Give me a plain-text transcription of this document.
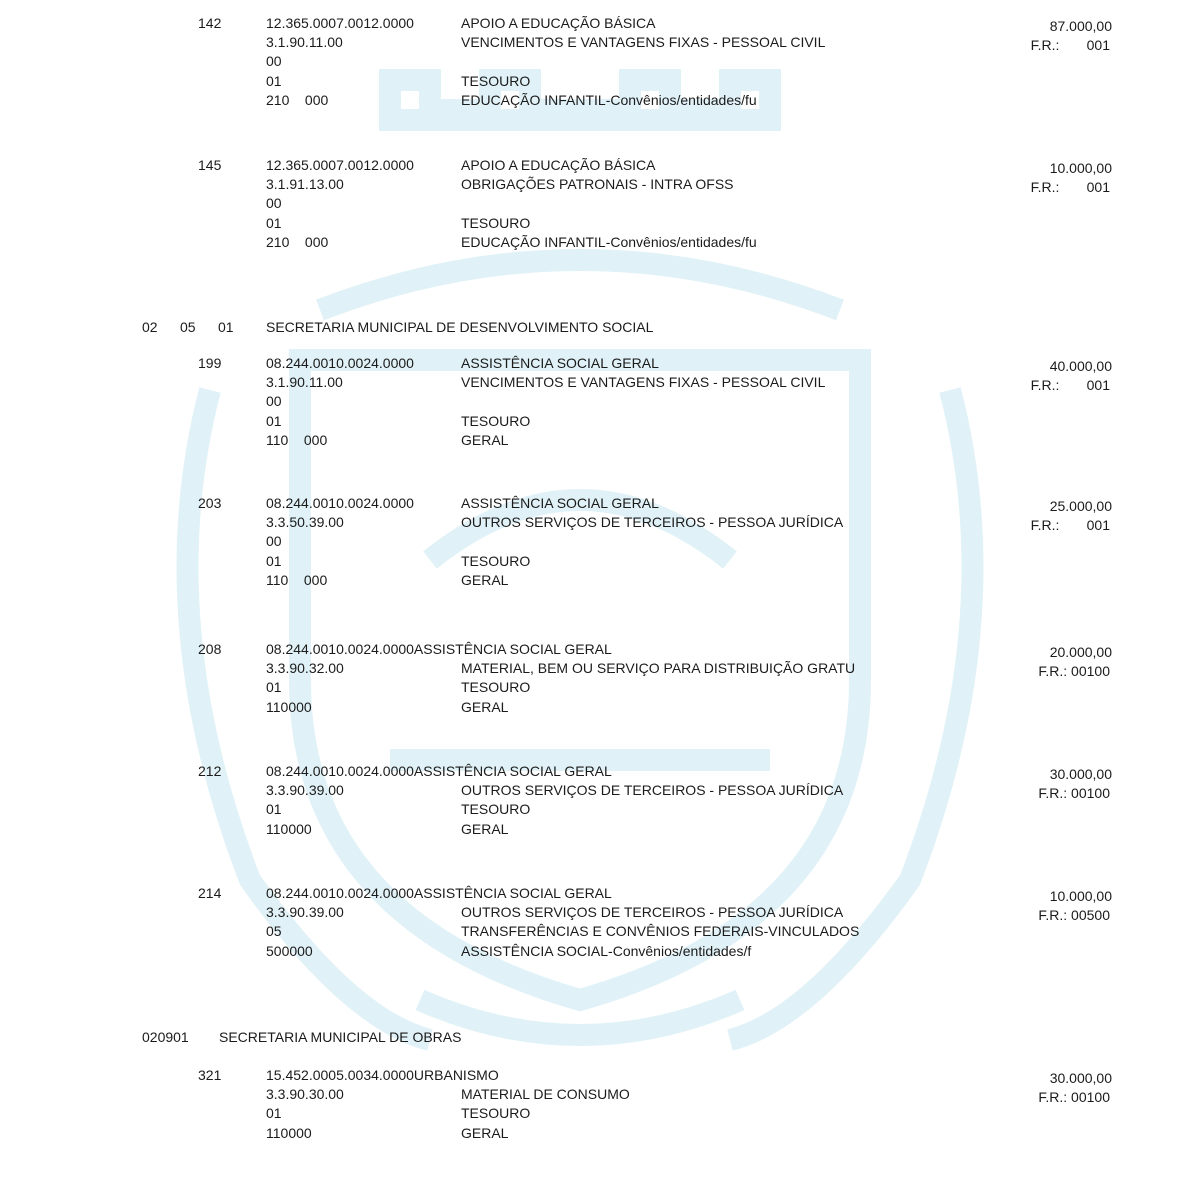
02 05 01 SECRETARIA MUNICIPAL DE DESENVOLVIMENTO SOCIAL
020901 SECRETARIA MUNICIPAL DE OBRAS
142	87.000,00
F.R.:       001
12.365.0007.0012.0000	APOIO A EDUCAÇÃO BÁSICA
3.1.90.11.00	VENCIMENTOS E VANTAGENS FIXAS - PESSOAL CIVIL
00
01	TESOURO
210    000	EDUCAÇÃO INFANTIL-Convênios/entidades/fu
145	10.000,00
F.R.:       001
12.365.0007.0012.0000	APOIO A EDUCAÇÃO BÁSICA
3.1.91.13.00	OBRIGAÇÕES PATRONAIS - INTRA OFSS
00
01	TESOURO
210    000	EDUCAÇÃO INFANTIL-Convênios/entidades/fu
199	40.000,00
F.R.:       001
08.244.0010.0024.0000	ASSISTÊNCIA SOCIAL GERAL
3.1.90.11.00	VENCIMENTOS E VANTAGENS FIXAS - PESSOAL CIVIL
00
01	TESOURO
110    000	GERAL
203	25.000,00
F.R.:       001
08.244.0010.0024.0000	ASSISTÊNCIA SOCIAL GERAL
3.3.50.39.00	OUTROS SERVIÇOS DE TERCEIROS - PESSOA JURÍDICA
00
01	TESOURO
110    000	GERAL
208	20.000,00
F.R.: 00100
08.244.0010.0024.0000ASSISTÊNCIA SOCIAL GERAL
3.3.90.32.00	MATERIAL, BEM OU SERVIÇO PARA DISTRIBUIÇÃO GRATU
01	TESOURO
110000	GERAL
212	30.000,00
F.R.: 00100
08.244.0010.0024.0000ASSISTÊNCIA SOCIAL GERAL
3.3.90.39.00	OUTROS SERVIÇOS DE TERCEIROS - PESSOA JURÍDICA
01	TESOURO
110000	GERAL
214	10.000,00
F.R.: 00500
08.244.0010.0024.0000ASSISTÊNCIA SOCIAL GERAL
3.3.90.39.00	OUTROS SERVIÇOS DE TERCEIROS - PESSOA JURÍDICA
05	TRANSFERÊNCIAS E CONVÊNIOS FEDERAIS-VINCULADOS
500000	ASSISTÊNCIA SOCIAL-Convênios/entidades/f
321	30.000,00
F.R.: 00100
15.452.0005.0034.0000URBANISMO
3.3.90.30.00	MATERIAL DE CONSUMO
01	TESOURO
110000	GERAL
